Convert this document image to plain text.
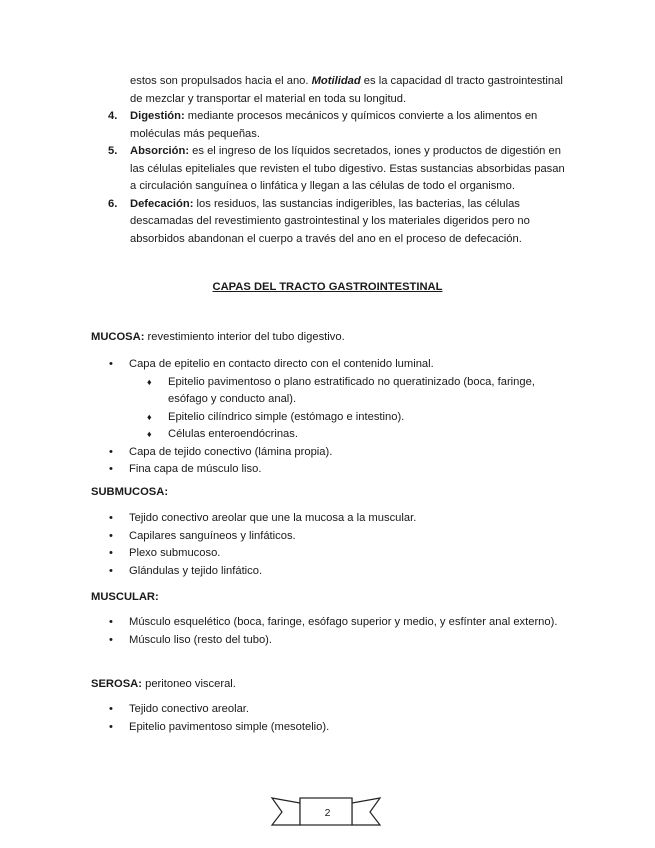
estos son propulsados hacia el ano. Motilidad es la capacidad dl tracto gastrointestinal de mezclar y transportar el material en toda su longitud.

4.	Digestión: mediante procesos mecánicos y químicos convierte a los alimentos en moléculas más pequeñas.
5.	Absorción: es el ingreso de los líquidos secretados, iones y productos de digestión en las células epiteliales que revisten el tubo digestivo. Estas sustancias absorbidas pasan a circulación sanguínea o linfática y llegan a las células de todo el organismo.
6.	Defecación: los residuos, las sustancias indigeribles, las bacterias, las células descamadas del revestimiento gastrointestinal y los materiales digeridos pero no absorbidos abandonan el cuerpo a través del ano en el proceso de defecación.
CAPAS DEL TRACTO GASTROINTESTINAL

MUCOSA: revestimiento interior del tubo digestivo.

•	Capa de epitelio en contacto directo con el contenido luminal.
♦	Epitelio pavimentoso o plano estratificado no queratinizado (boca, faringe, esófago y conducto anal).
♦	Epitelio cilíndrico simple (estómago e intestino).
♦	Células enteroendócrinas.
•	Capa de tejido conectivo (lámina propia).
•	Fina capa de músculo liso.

SUBMUCOSA:

•	Tejido conectivo areolar que une la mucosa a la muscular.
•	Capilares sanguíneos y linfáticos.
•	Plexo submucoso.
•	Glándulas y tejido linfático.

MUSCULAR:

•	Músculo esquelético (boca, faringe, esófago superior y medio, y esfínter anal externo).
•	Músculo liso (resto del tubo).

SEROSA: peritoneo visceral.

•	Tejido conectivo areolar.
•	Epitelio pavimentoso simple (mesotelio).
2
